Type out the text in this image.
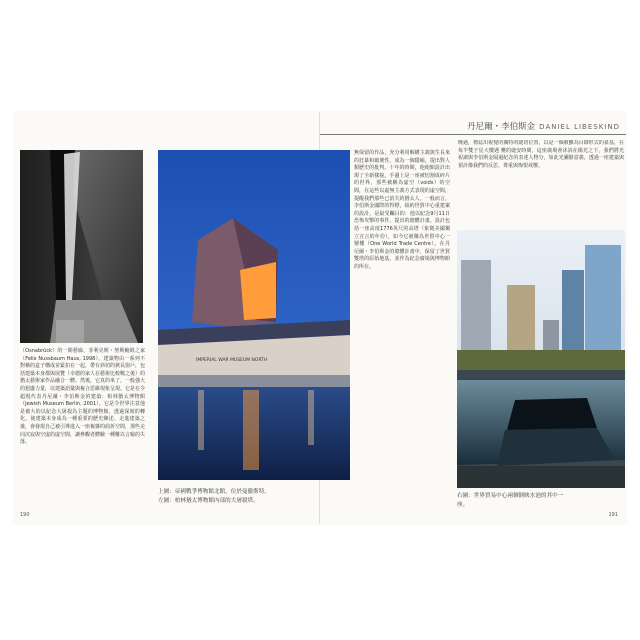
丹尼爾・李伯斯金 DANIEL LIBESKIND
IMPERIAL WAR MUSEUM NORTH

（Osnabrück）的一間藝廊，菲利克斯・努斯鮑姆之家（Felix Nussbaum Haus, 1998），建築物由一系列不對稱的盒子構成並緊扣在一起，帶有斜切的狹長窗戶，包括建築本身都與展覽（幸德的家人在藝術比較戰之後）的猶太藝術家作品融合一體。然後，它真的來了，一般強大的迴盪力量，以建築語彙與複合思維現象呈現。它是在令超現代表丹尼爾・李伯斯金的建築：柏林猶太博物館（Jewish Museum Berlin, 2001）。它是令世界注意他是被大的以紀念大屠殺為主題的博物館，透過深刻的轉化，使建築本身成為一種重要的歷史陳述。走進建築之後，會發現自己被引導進入一座複雜的曲折空間，那些走向沉寂與空虛的虛空間，讓參觀者體驗一種難以言喻的失落。

無保留的作品，充分利用解構主義與生長來的狂暴和破壞性，成為一個隱喻，提出對人類歷史的批判。十年的時間，他使館設計出現了全新樣貌。手邊上是一座被切割成碎片的世界，那些被稱為虛空（voids）的空間，在這些以虛無主義方式表現的虛空間，提醒我們那些已消失的猶太人。一般而言，李伯斯金國際的得標，紐約世貿中心重建案的設計，是最受矚目的：他以紀念9月11日恐怖攻擊的事件，提出的總體計畫。設計包括一座高度1776英尺的高塔（象徵美國獨立宣言的年份），如今它被稱為世貿中心一號樓（One World Trade Centre）。在丹尼爾・李伯斯金的總體計畫中，保留了世貿雙塔的原始地基，並作為紀念廣場與博物館的所在。

晚過，標誌出視覺的獨特的縫切位置，以是一個被雖為目錄形式的臺基，在每半雙子星大樓遇 襲的縫安時間，這座廣場會沐浴在陽光之下。我們將光祝讀與李伯斯金隔過紀念的表達人物分，如此光彌靜意義，透過一座建築與預計像我們的反思、尊重與悔恨戒懼。

上圖：帝國戰爭博物館北館，位於曼徹斯特。
左圖：柏林猶太博物館內部的大屠殺塔。
右圖：世界貿易中心兩個倒映水池的其中一座。
190	191
